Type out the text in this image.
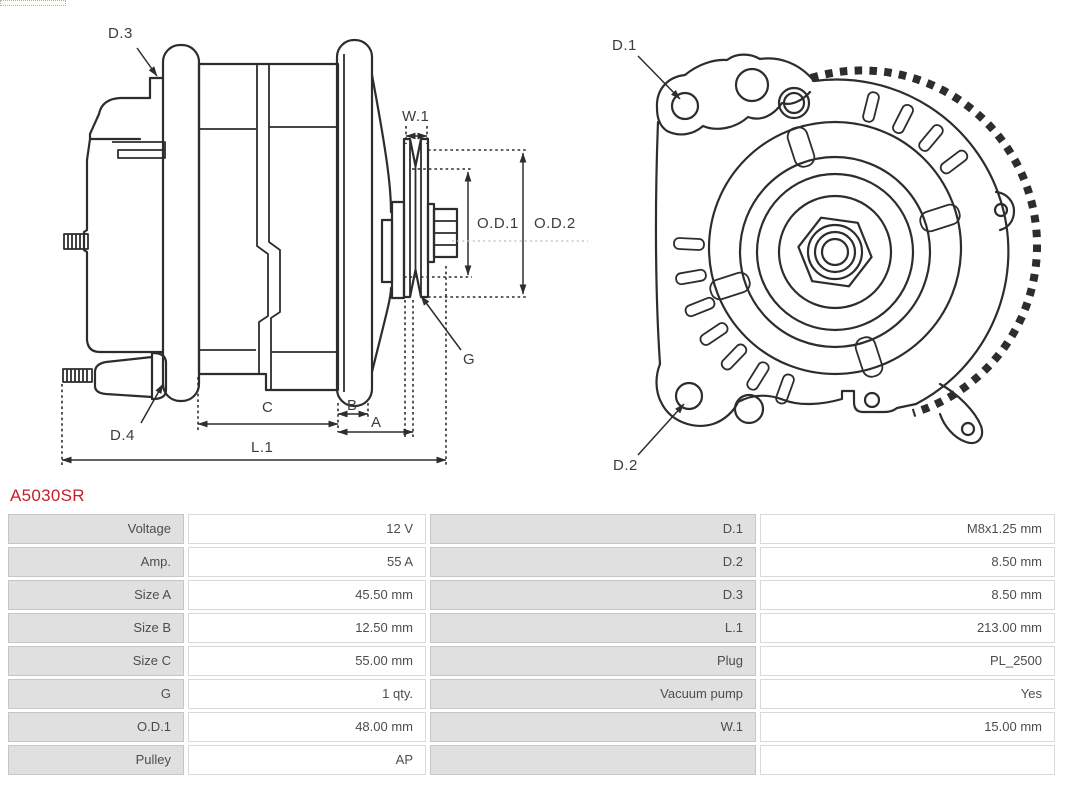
D.3
W.1
O.D.1 O.D.2
G
D.4
C	B
A
L.1
D.1
D.2
A5030SR
Voltage	12 V	D.1	M8x1.25 mm
Amp.	55 A	D.2	8.50 mm
Size A	45.50 mm	D.3	8.50 mm
Size B	12.50 mm	L.1	213.00 mm
Size C	55.00 mm	Plug	PL_2500
G	1 qty.	Vacuum pump	Yes
O.D.1	48.00 mm	W.1	15.00 mm
Pulley	AP
